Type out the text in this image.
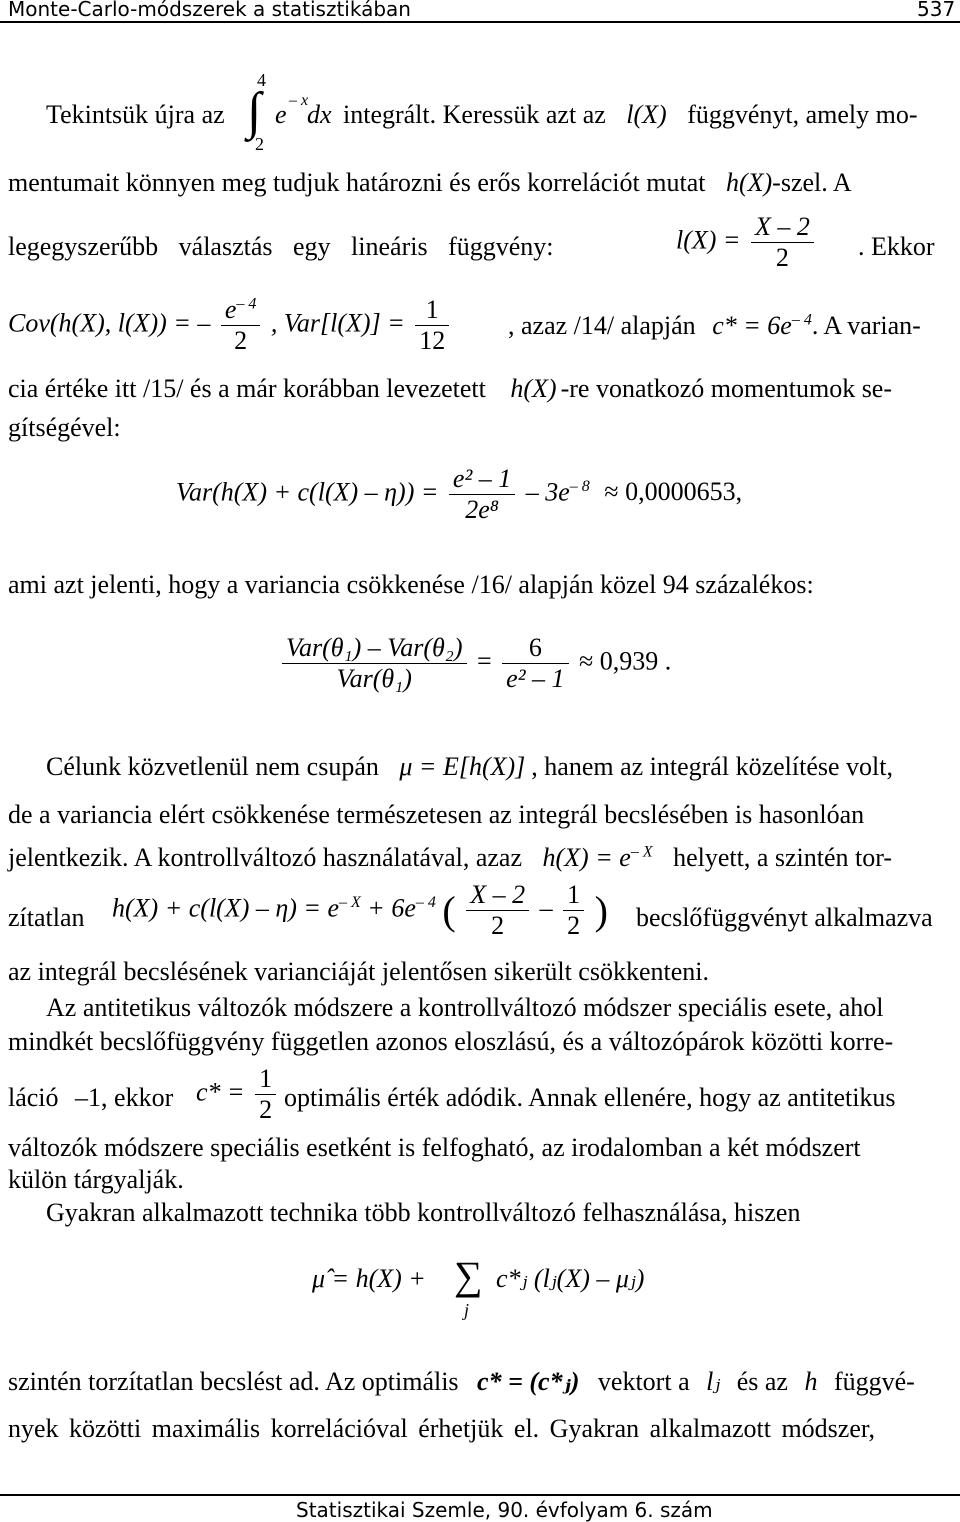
Monte-Carlo-módszerek a statisztikában	537
Tekintsük újra az
4
∫
2
e – x
dx integrált. Keressük azt az l(X) függvényt, amely mo-
mentumait könnyen meg tudjuk határozni és erős korrelációt mutat h(X)-szel. A
legegyszerűbb választás egy lineáris függvény:	$l(X) = \frac{X - 2}{2}$ . Ekkor
Cov(h(X), l(X)) = – $\frac{e^{- 4}}{2}$ , $Var[l(X)] = \frac{1}{12}$ , azaz /14/ alapján $c* = 6e^{- 4}$. A varian-
cia értéke itt /15/ és a már korábban levezetett h(X) -re vonatkozó momentumok se-
gítségével:
$Var(h(X) + c(l(X) - \eta)) = \frac{\text{e² – 1}}{\text{2e⁸}} - 3e^{- 8} \approx 0,0000653$,
ami azt jelenti, hogy a variancia csökkenése /16/ alapján közel 94 százalékos:
$\frac{\text{Var(θ₁) – Var(θ₂)}}{\text{Var(θ₁)}} = \frac{6}{\text{e² – 1}} \approx 0,939$ .
Célunk közvetlenül nem csupán μ = E[h(X)] , hanem az integrál közelítése volt,
de a variancia elért csökkenése természetesen az integrál becslésében is hasonlóan
jelentkezik. A kontrollváltozó használatával, azaz $h(X) = e^{- X}$ helyett, a szintén tor-
zítatlan $h(X) + c(l(X) - \eta) = e^{- X} + 6e^{- 4}$ ( $\frac{X - 2}{2} - \frac{1}{2}$ ) becslőfüggvényt alkalmazva
az integrál becslésének varianciáját jelentősen sikerült csökkenteni.
Az antitetikus változók módszere a kontrollváltozó módszer speciális esete, ahol
mindkét becslőfüggvény független azonos eloszlású, és a változópárok közötti korre-
láció –1, ekkor $c* = \frac{1}{2}$ optimális érték adódik. Annak ellenére, hogy az antitetikus
változók módszere speciális esetként is felfogható, az irodalomban a két módszert
külön tárgyalják.
Gyakran alkalmazott technika több kontrollváltozó felhasználása, hiszen
μ̂ = h(X) + ∑
j
c*ⱼ (lⱼ(X) – μⱼ)
szintén torzítatlan becslést ad. Az optimális c* = (c*ⱼ) vektort a lⱼ és az h függvé-
nyek közötti maximális korrelációval érhetjük el. Gyakran alkalmazott módszer,
Statisztikai Szemle, 90. évfolyam 6. szám
